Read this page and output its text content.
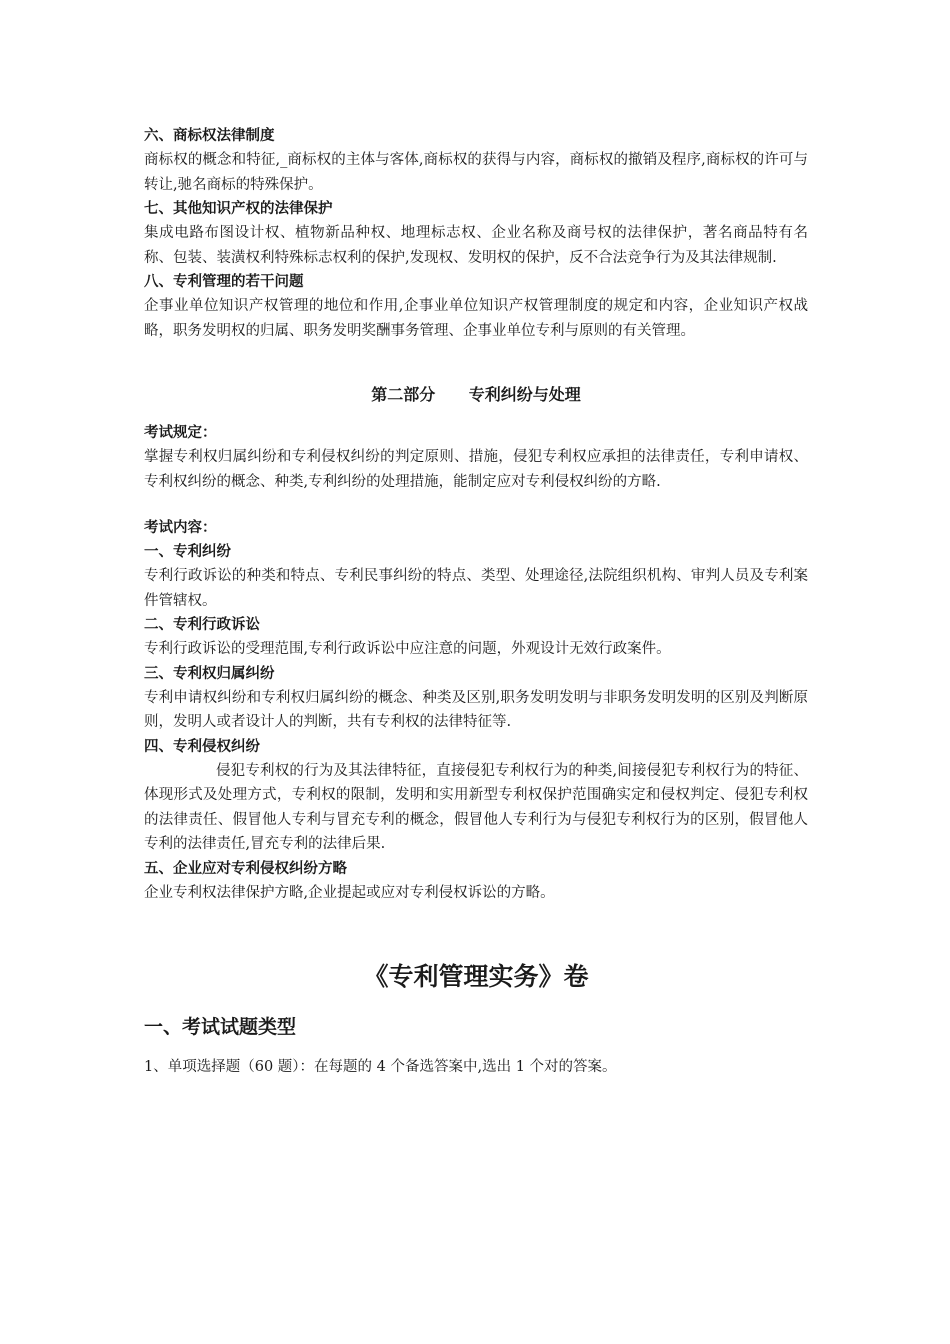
六、商标权法律制度

商标权的概念和特征,_商标权的主体与客体,商标权的获得与内容，商标权的撤销及程序,商标权的许可与转让,驰名商标的特殊保护。

七、其他知识产权的法律保护

集成电路布图设计权、植物新品种权、地理标志权、企业名称及商号权的法律保护，著名商品特有名称、包装、装潢权利特殊标志权利的保护,发现权、发明权的保护，反不合法竞争行为及其法律规制.

八、专利管理的若干问题

企事业单位知识产权管理的地位和作用,企事业单位知识产权管理制度的规定和内容，企业知识产权战略，职务发明权的归属、职务发明奖酬事务管理、企事业单位专利与原则的有关管理。

第二部分      专利纠纷与处理

考试规定：

掌握专利权归属纠纷和专利侵权纠纷的判定原则、措施，侵犯专利权应承担的法律责任，专利申请权、专利权纠纷的概念、种类,专利纠纷的处理措施，能制定应对专利侵权纠纷的方略.

考试内容：

一、专利纠纷

专利行政诉讼的种类和特点、专利民事纠纷的特点、类型、处理途径,法院组织机构、审判人员及专利案件管辖权。

二、专利行政诉讼

专利行政诉讼的受理范围,专利行政诉讼中应注意的问题，外观设计无效行政案件。

三、专利权归属纠纷

专利申请权纠纷和专利权归属纠纷的概念、种类及区别,职务发明发明与非职务发明发明的区别及判断原则，发明人或者设计人的判断，共有专利权的法律特征等.

四、专利侵权纠纷

侵犯专利权的行为及其法律特征，直接侵犯专利权行为的种类,间接侵犯专利权行为的特征、体现形式及处理方式，专利权的限制，发明和实用新型专利权保护范围确实定和侵权判定、侵犯专利权的法律责任、假冒他人专利与冒充专利的概念，假冒他人专利行为与侵犯专利权行为的区别，假冒他人专利的法律责任,冒充专利的法律后果.

五、企业应对专利侵权纠纷方略

企业专利权法律保护方略,企业提起或应对专利侵权诉讼的方略。

《专利管理实务》卷

一、考试试题类型

1、单项选择题（60 题）：在每题的 4 个备选答案中,选出 1 个对的答案。
